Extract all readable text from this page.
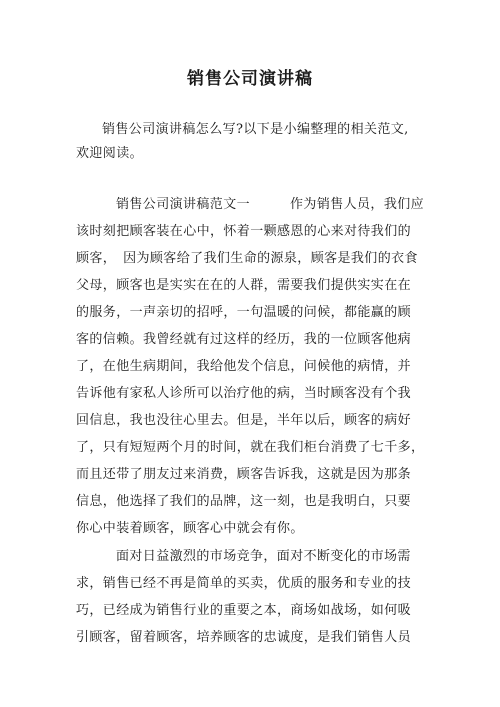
销售公司演讲稿
销售公司演讲稿怎么写?以下是小编整理的相关范文,
欢迎阅读。
销售公司演讲稿范文一	作为销售人员，我们应
该时刻把顾客装在心中，怀着一颗感恩的心来对待我们的
顾客，　因为顾客给了我们生命的源泉，顾客是我们的衣食
父母，顾客也是实实在在的人群，需要我们提供实实在在
的服务，一声亲切的招呼，一句温暖的问候，都能赢的顾
客的信赖。我曾经就有过这样的经历，我的一位顾客他病
了，在他生病期间，我给他发个信息，问候他的病情，并
告诉他有家私人诊所可以治疗他的病，当时顾客没有个我
回信息，我也没往心里去。但是，半年以后，顾客的病好
了，只有短短两个月的时间，就在我们柜台消费了七千多，
而且还带了朋友过来消费，顾客告诉我，这就是因为那条
信息，他选择了我们的品牌，这一刻，也是我明白，只要
你心中装着顾客，顾客心中就会有你。
面对日益激烈的市场竞争，面对不断变化的市场需
求，销售已经不再是简单的买卖，优质的服务和专业的技
巧，已经成为销售行业的重要之本，商场如战场，如何吸
引顾客，留着顾客，培养顾客的忠诚度，是我们销售人员
